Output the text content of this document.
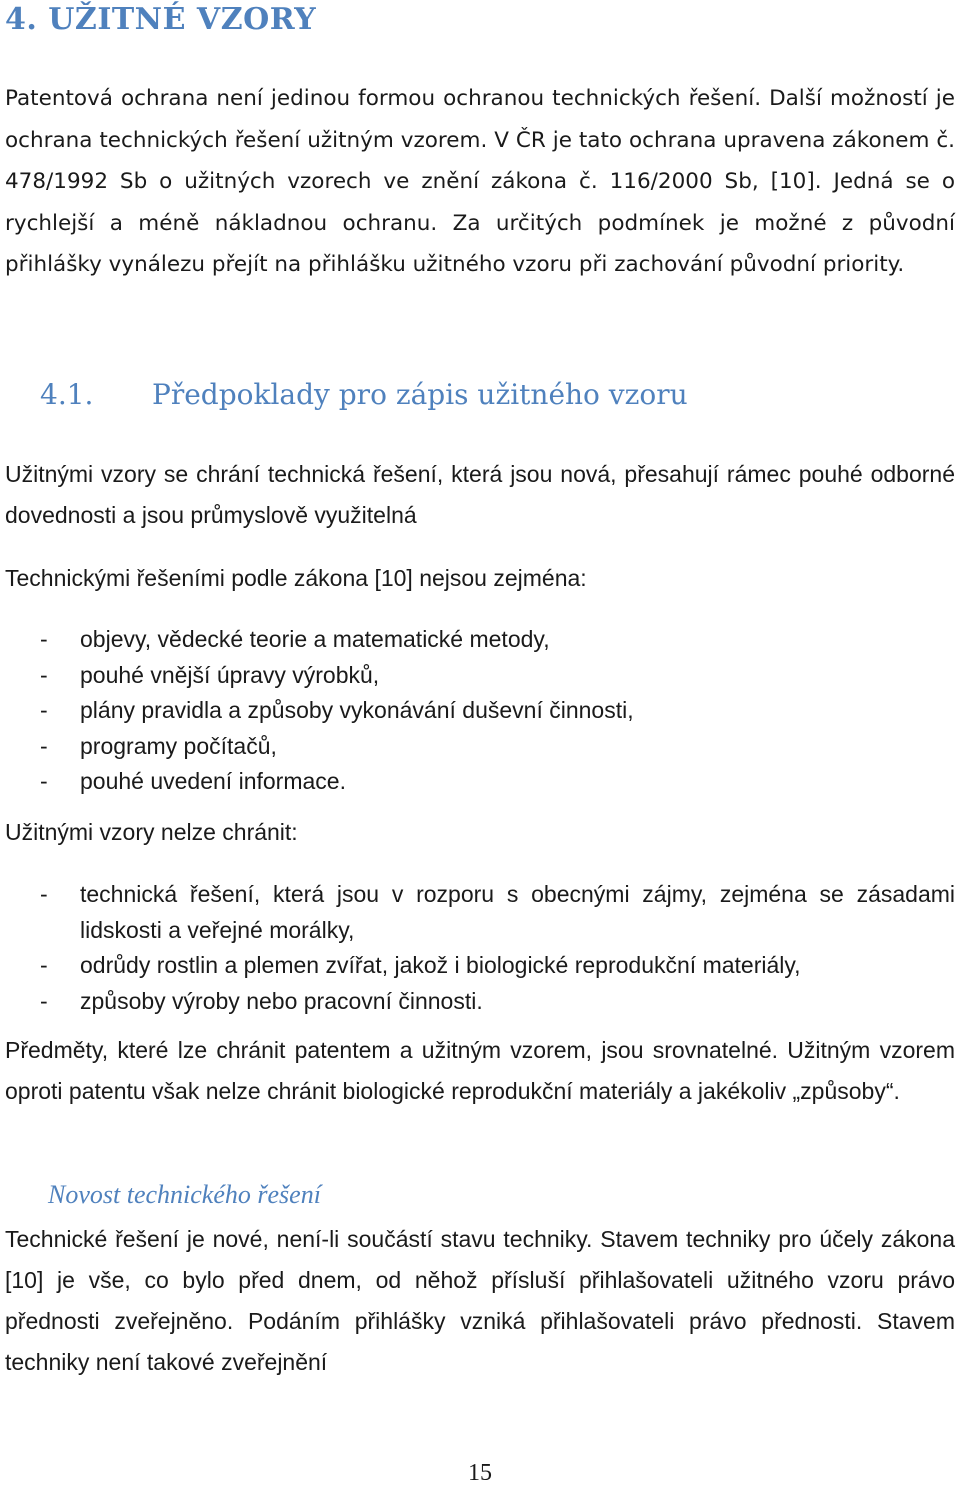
4. UŽITNÉ VZORY

Patentová ochrana není jedinou formou ochranou technických řešení. Další možností je ochrana technických řešení užitným vzorem. V ČR je tato ochrana upravena zákonem č. 478/1992 Sb o užitných vzorech ve znění zákona č. 116/2000 Sb, [10]. Jedná se o rychlejší a méně nákladnou ochranu. Za určitých podmínek je možné z původní přihlášky vynálezu přejít na přihlášku užitného vzoru při zachování původní priority.

4.1. Předpoklady pro zápis užitného vzoru

Užitnými vzory se chrání technická řešení, která jsou nová, přesahují rámec pouhé odborné dovednosti a jsou průmyslově využitelná

Technickými řešeními podle zákona [10] nejsou zejména:

- objevy, vědecké teorie a matematické metody,
- pouhé vnější úpravy výrobků,
- plány pravidla a způsoby vykonávání duševní činnosti,
- programy počítačů,
- pouhé uvedení informace.

Užitnými vzory nelze chránit:

- technická řešení, která jsou v rozporu s obecnými zájmy, zejména se zásadami lidskosti a veřejné morálky,
- odrůdy rostlin a plemen zvířat, jakož i biologické reprodukční materiály,
- způsoby výroby nebo pracovní činnosti.

Předměty, které lze chránit patentem a užitným vzorem, jsou srovnatelné. Užitným vzorem oproti patentu však nelze chránit biologické reprodukční materiály a jakékoliv „způsoby“.

Novost technického řešení

Technické řešení je nové, není-li součástí stavu techniky. Stavem techniky pro účely zákona [10] je vše, co bylo před dnem, od něhož přísluší přihlašovateli užitného vzoru právo přednosti zveřejněno. Podáním přihlášky vzniká přihlašovateli právo přednosti. Stavem techniky není takové zveřejnění

15
